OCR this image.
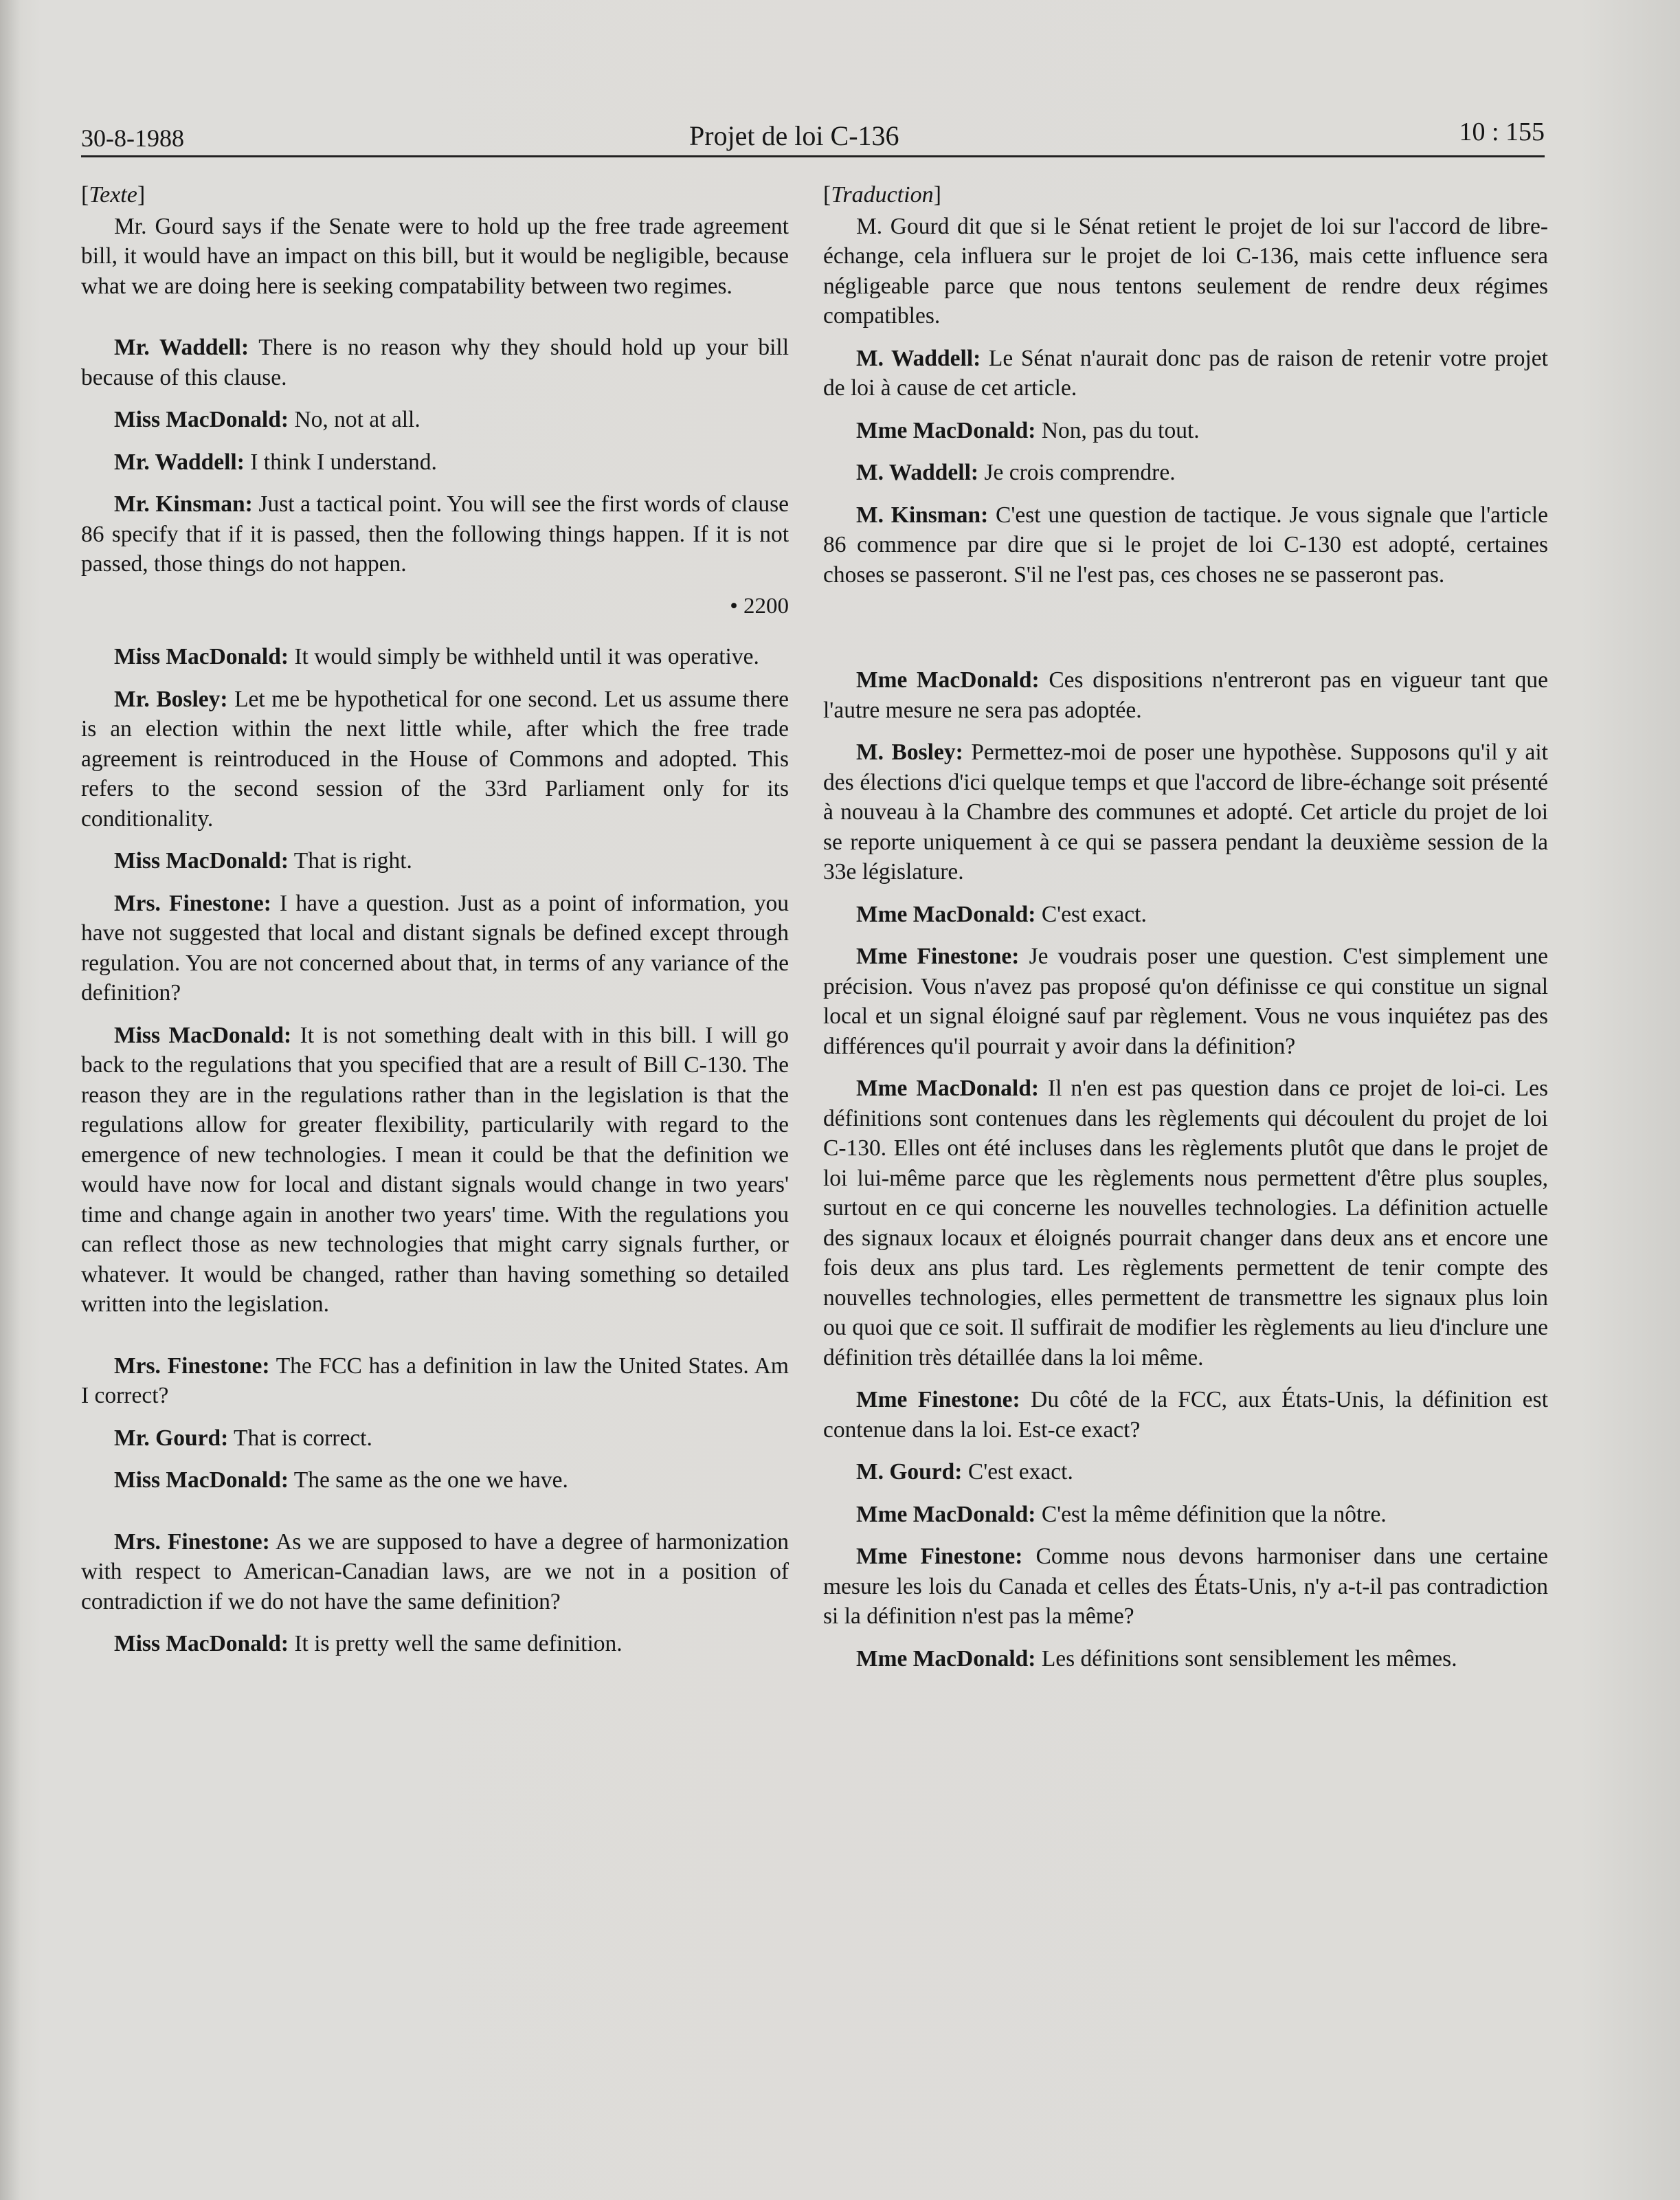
30-8-1988	Projet de loi C-136	10 : 155
[Texte]

Mr. Gourd says if the Senate were to hold up the free trade agreement bill, it would have an impact on this bill, but it would be negligible, because what we are doing here is seeking compatability between two regimes.

Mr. Waddell: There is no reason why they should hold up your bill because of this clause.

Miss MacDonald: No, not at all.

Mr. Waddell: I think I understand.

Mr. Kinsman: Just a tactical point. You will see the first words of clause 86 specify that if it is passed, then the following things happen. If it is not passed, those things do not happen.

• 2200

Miss MacDonald: It would simply be withheld until it was operative.

Mr. Bosley: Let me be hypothetical for one second. Let us assume there is an election within the next little while, after which the free trade agreement is reintroduced in the House of Commons and adopted. This refers to the second session of the 33rd Parliament only for its conditionality.

Miss MacDonald: That is right.

Mrs. Finestone: I have a question. Just as a point of information, you have not suggested that local and distant signals be defined except through regulation. You are not concerned about that, in terms of any variance of the definition?

Miss MacDonald: It is not something dealt with in this bill. I will go back to the regulations that you specified that are a result of Bill C-130. The reason they are in the regulations rather than in the legislation is that the regulations allow for greater flexibility, particularily with regard to the emergence of new technologies. I mean it could be that the definition we would have now for local and distant signals would change in two years' time and change again in another two years' time. With the regulations you can reflect those as new technologies that might carry signals further, or whatever. It would be changed, rather than having something so detailed written into the legislation.

Mrs. Finestone: The FCC has a definition in law the United States. Am I correct?

Mr. Gourd: That is correct.

Miss MacDonald: The same as the one we have.

Mrs. Finestone: As we are supposed to have a degree of harmonization with respect to American-Canadian laws, are we not in a position of contradiction if we do not have the same definition?

Miss MacDonald: It is pretty well the same definition.

[Traduction]

M. Gourd dit que si le Sénat retient le projet de loi sur l'accord de libre-échange, cela influera sur le projet de loi C-136, mais cette influence sera négligeable parce que nous tentons seulement de rendre deux régimes compatibles.

M. Waddell: Le Sénat n'aurait donc pas de raison de retenir votre projet de loi à cause de cet article.

Mme MacDonald: Non, pas du tout.

M. Waddell: Je crois comprendre.

M. Kinsman: C'est une question de tactique. Je vous signale que l'article 86 commence par dire que si le projet de loi C-130 est adopté, certaines choses se passeront. S'il ne l'est pas, ces choses ne se passeront pas.

Mme MacDonald: Ces dispositions n'entreront pas en vigueur tant que l'autre mesure ne sera pas adoptée.

M. Bosley: Permettez-moi de poser une hypothèse. Supposons qu'il y ait des élections d'ici quelque temps et que l'accord de libre-échange soit présenté à nouveau à la Chambre des communes et adopté. Cet article du projet de loi se reporte uniquement à ce qui se passera pendant la deuxième session de la 33e législature.

Mme MacDonald: C'est exact.

Mme Finestone: Je voudrais poser une question. C'est simplement une précision. Vous n'avez pas proposé qu'on définisse ce qui constitue un signal local et un signal éloigné sauf par règlement. Vous ne vous inquiétez pas des différences qu'il pourrait y avoir dans la définition?

Mme MacDonald: Il n'en est pas question dans ce projet de loi-ci. Les définitions sont contenues dans les règlements qui découlent du projet de loi C-130. Elles ont été incluses dans les règlements plutôt que dans le projet de loi lui-même parce que les règlements nous permettent d'être plus souples, surtout en ce qui concerne les nouvelles technologies. La définition actuelle des signaux locaux et éloignés pourrait changer dans deux ans et encore une fois deux ans plus tard. Les règlements permettent de tenir compte des nouvelles technologies, elles permettent de transmettre les signaux plus loin ou quoi que ce soit. Il suffirait de modifier les règlements au lieu d'inclure une définition très détaillée dans la loi même.

Mme Finestone: Du côté de la FCC, aux États-Unis, la définition est contenue dans la loi. Est-ce exact?

M. Gourd: C'est exact.

Mme MacDonald: C'est la même définition que la nôtre.

Mme Finestone: Comme nous devons harmoniser dans une certaine mesure les lois du Canada et celles des États-Unis, n'y a-t-il pas contradiction si la définition n'est pas la même?

Mme MacDonald: Les définitions sont sensiblement les mêmes.
